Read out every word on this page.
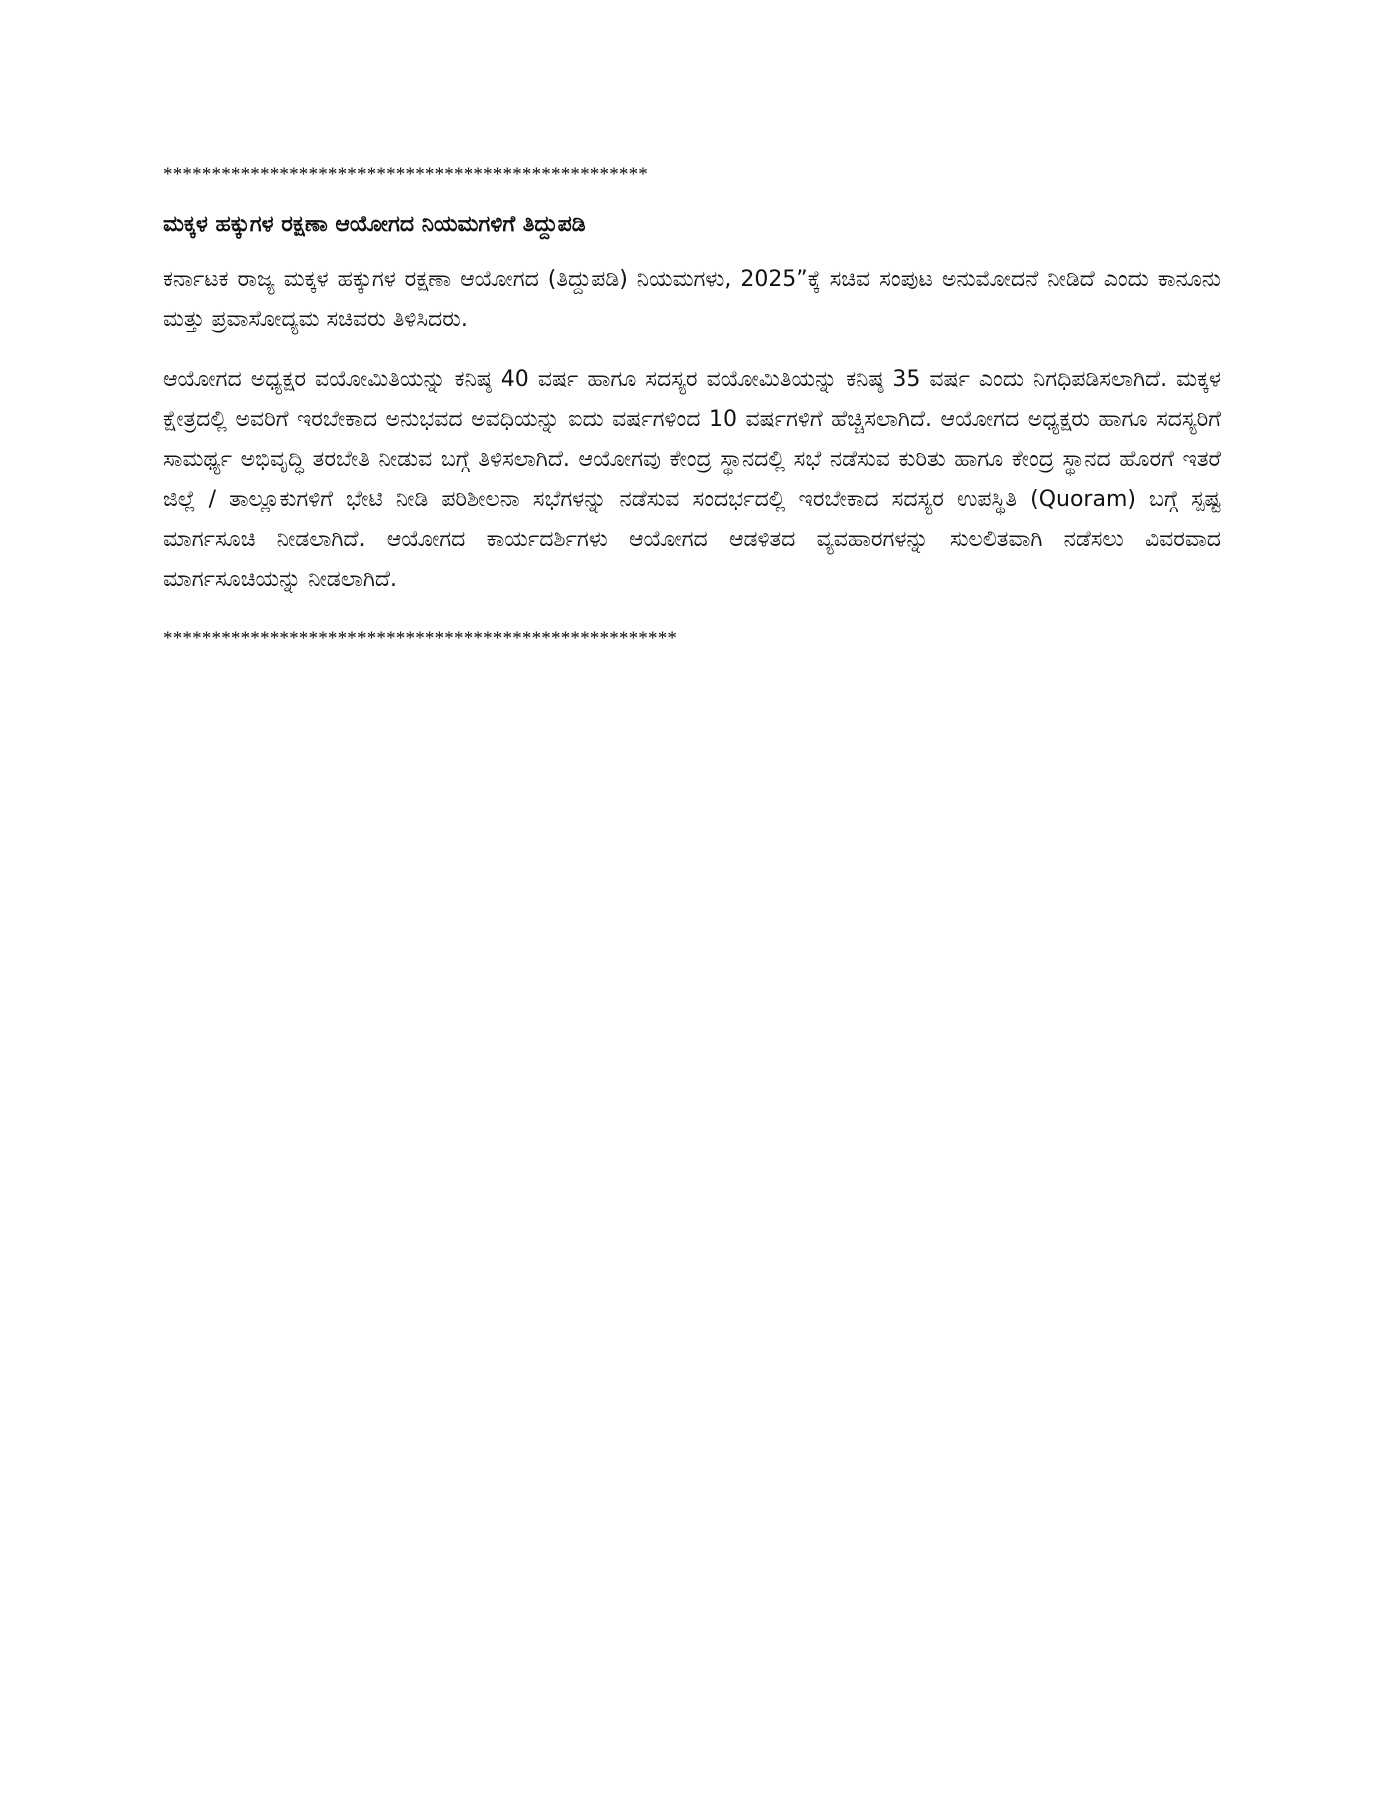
**************************************************
ಮಕ್ಕಳ ಹಕ್ಕುಗಳ ರಕ್ಷಣಾ ಆಯೋಗದ ನಿಯಮಗಳಿಗೆ ತಿದ್ದುಪಡಿ

ಕರ್ನಾಟಕ ರಾಜ್ಯ ಮಕ್ಕಳ ಹಕ್ಕುಗಳ ರಕ್ಷಣಾ ಆಯೋಗದ (ತಿದ್ದುಪಡಿ) ನಿಯಮಗಳು, 2025”ಕ್ಕೆ ಸಚಿವ ಸಂಪುಟ ಅನುಮೋದನೆ ನೀಡಿದೆ ಎಂದು ಕಾನೂನು ಮತ್ತು ಪ್ರವಾಸೋದ್ಯಮ ಸಚಿವರು ತಿಳಿಸಿದರು.

ಆಯೋಗದ ಅಧ್ಯಕ್ಷರ ವಯೋಮಿತಿಯನ್ನು ಕನಿಷ್ಠ 40 ವರ್ಷ ಹಾಗೂ ಸದಸ್ಯರ ವಯೋಮಿತಿಯನ್ನು ಕನಿಷ್ಠ 35 ವರ್ಷ ಎಂದು ನಿಗಧಿಪಡಿಸಲಾಗಿದೆ. ಮಕ್ಕಳ ಕ್ಷೇತ್ರದಲ್ಲಿ ಅವರಿಗೆ ಇರಬೇಕಾದ ಅನುಭವದ ಅವಧಿಯನ್ನು ಐದು ವರ್ಷಗಳಿಂದ 10 ವರ್ಷಗಳಿಗೆ ಹೆಚ್ಚಿಸಲಾಗಿದೆ. ಆಯೋಗದ ಅಧ್ಯಕ್ಷರು ಹಾಗೂ ಸದಸ್ಯರಿಗೆ ಸಾಮರ್ಥ್ಯ ಅಭಿವೃದ್ಧಿ ತರಬೇತಿ ನೀಡುವ ಬಗ್ಗೆ ತಿಳಿಸಲಾಗಿದೆ. ಆಯೋಗವು ಕೇಂದ್ರ ಸ್ಥಾನದಲ್ಲಿ ಸಭೆ ನಡೆಸುವ ಕುರಿತು ಹಾಗೂ ಕೇಂದ್ರ ಸ್ಥಾನದ ಹೊರಗೆ ಇತರೆ ಜಿಲ್ಲೆ / ತಾಲ್ಲೂಕುಗಳಿಗೆ ಭೇಟಿ ನೀಡಿ ಪರಿಶೀಲನಾ ಸಭೆಗಳನ್ನು ನಡೆಸುವ ಸಂದರ್ಭದಲ್ಲಿ ಇರಬೇಕಾದ ಸದಸ್ಯರ ಉಪಸ್ಥಿತಿ (Quoram) ಬಗ್ಗೆ ಸ್ಪಷ್ಟ ಮಾರ್ಗಸೂಚಿ ನೀಡಲಾಗಿದೆ. ಆಯೋಗದ ಕಾರ್ಯದರ್ಶಿಗಳು ಆಯೋಗದ ಆಡಳಿತದ ವ್ಯವಹಾರಗಳನ್ನು ಸುಲಲಿತವಾಗಿ ನಡೆಸಲು ವಿವರವಾದ ಮಾರ್ಗಸೂಚಿಯನ್ನು ನೀಡಲಾಗಿದೆ.

*****************************************************
